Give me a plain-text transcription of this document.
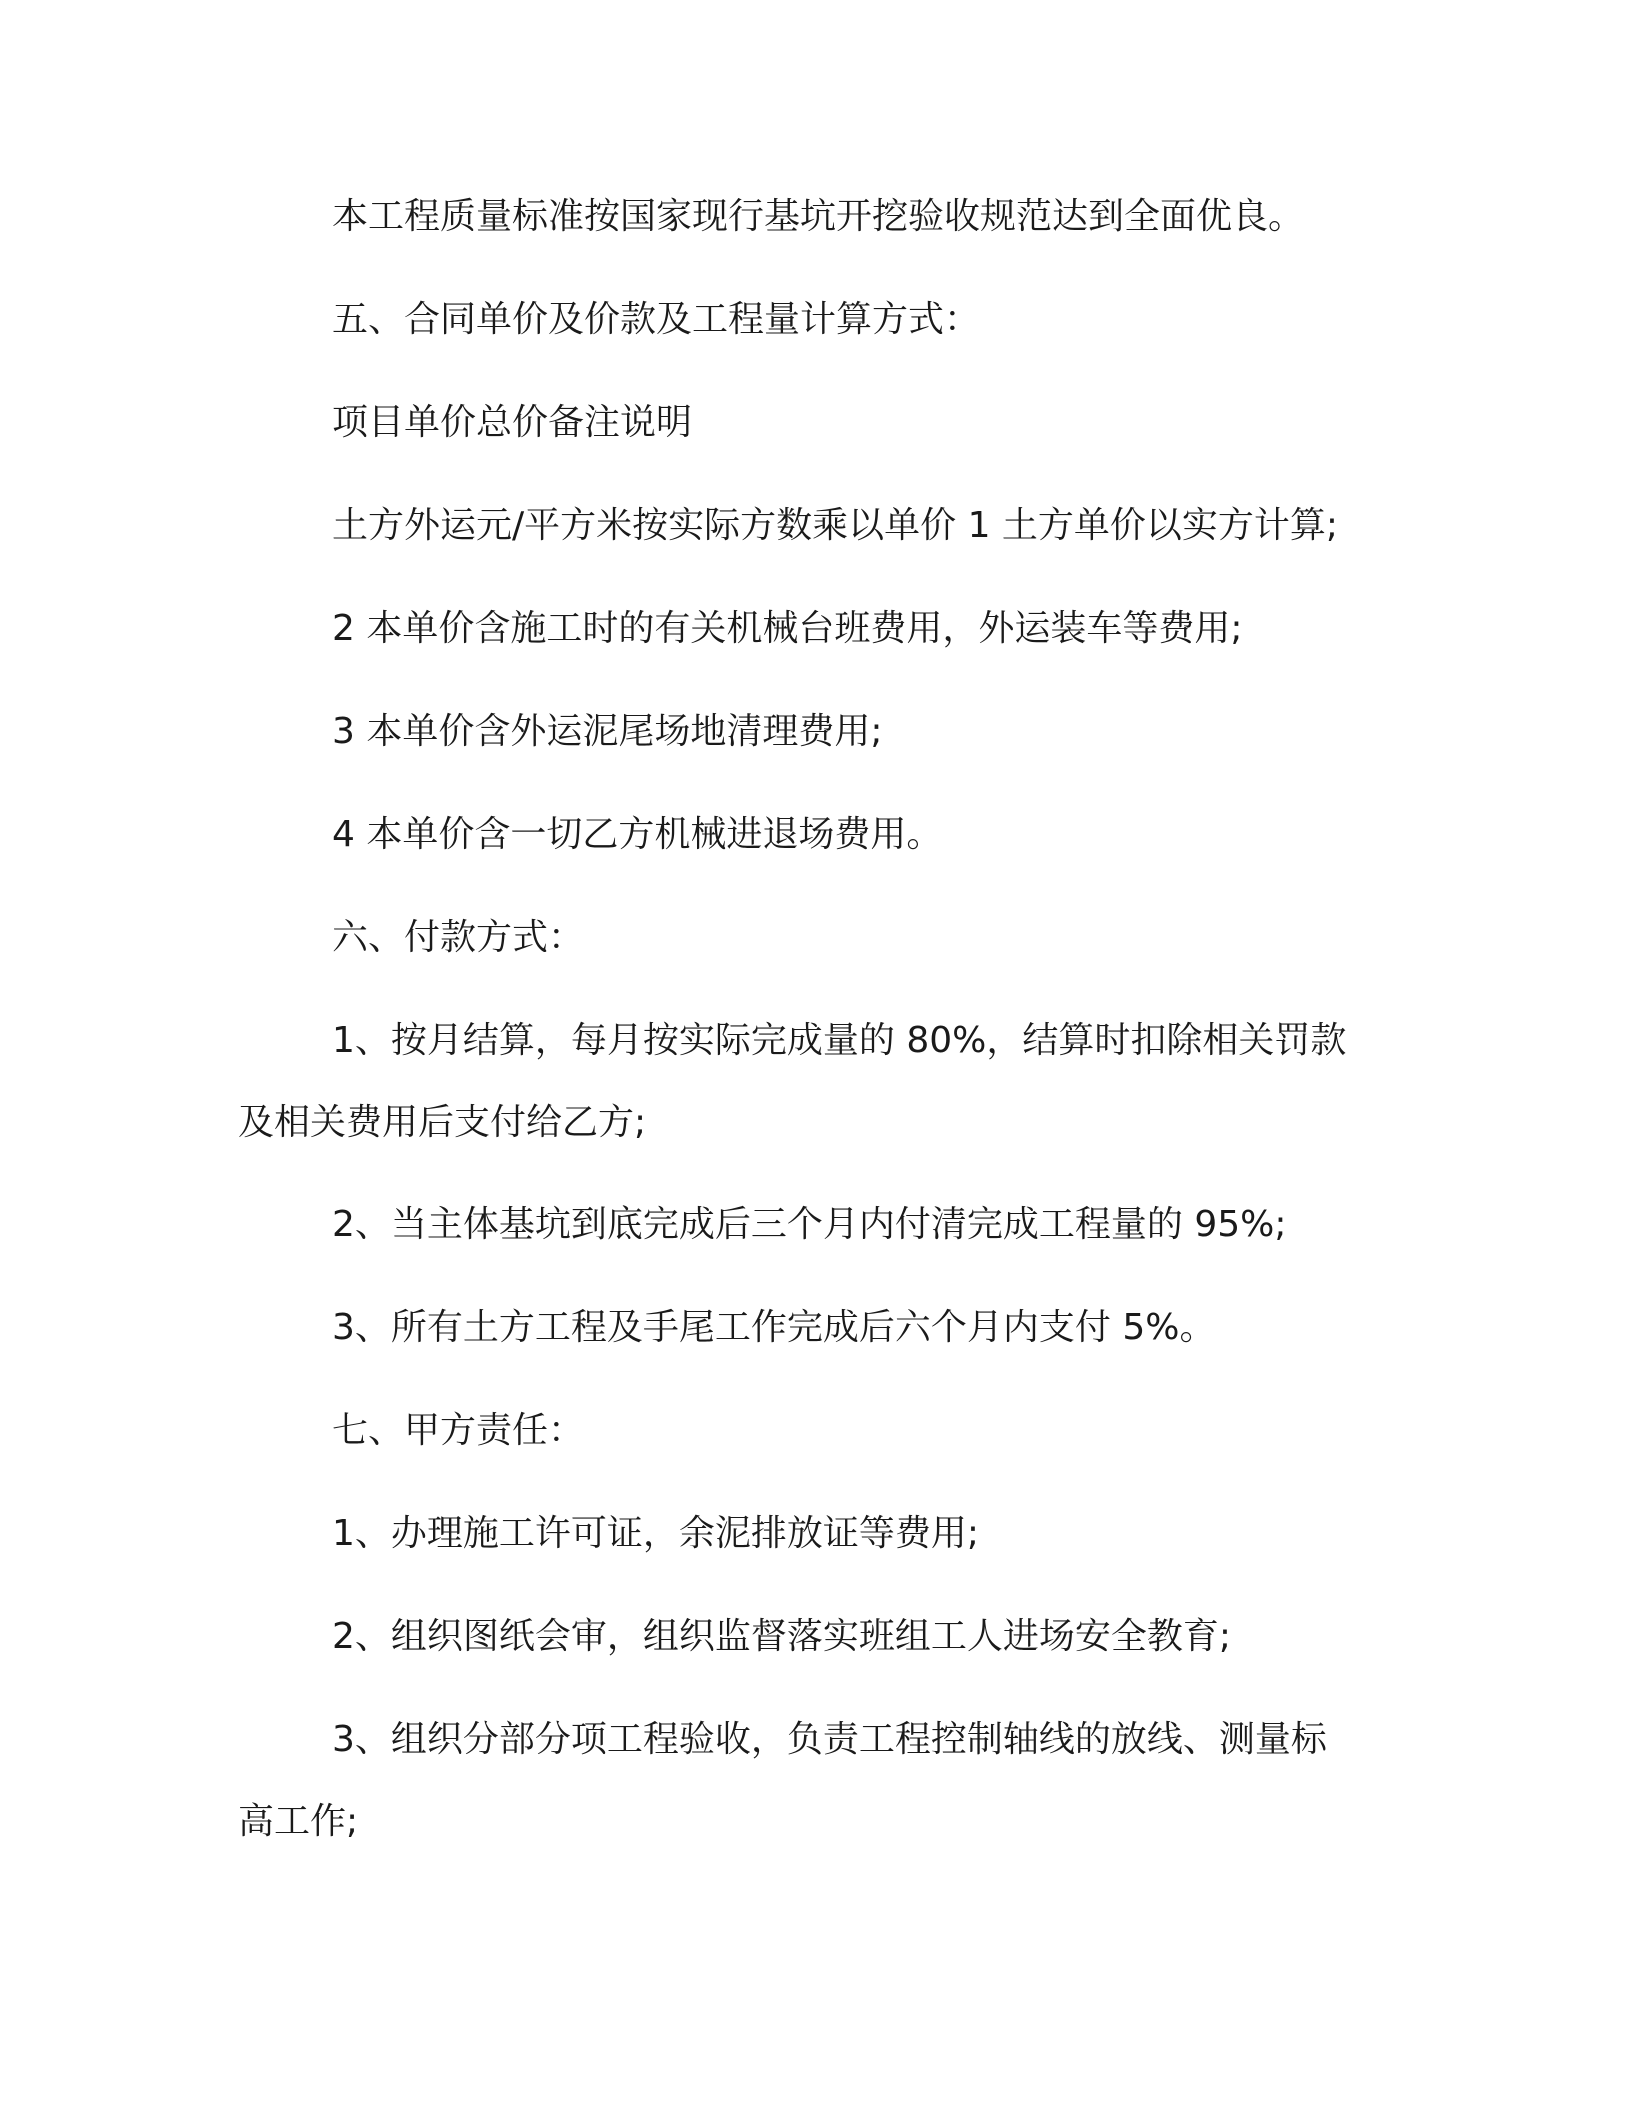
本工程质量标准按国家现行基坑开挖验收规范达到全面优良。

五、合同单价及价款及工程量计算方式：

项目单价总价备注说明

土方外运元/平方米按实际方数乘以单价 1 土方单价以实方计算;

2 本单价含施工时的有关机械台班费用，外运装车等费用;

3 本单价含外运泥尾场地清理费用;

4 本单价含一切乙方机械进退场费用。

六、付款方式：

1、按月结算，每月按实际完成量的 80%，结算时扣除相关罚款

及相关费用后支付给乙方;

2、当主体基坑到底完成后三个月内付清完成工程量的 95%;

3、所有土方工程及手尾工作完成后六个月内支付 5%。

七、甲方责任：

1、办理施工许可证，余泥排放证等费用;

2、组织图纸会审，组织监督落实班组工人进场安全教育;

3、组织分部分项工程验收，负责工程控制轴线的放线、测量标

高工作;
